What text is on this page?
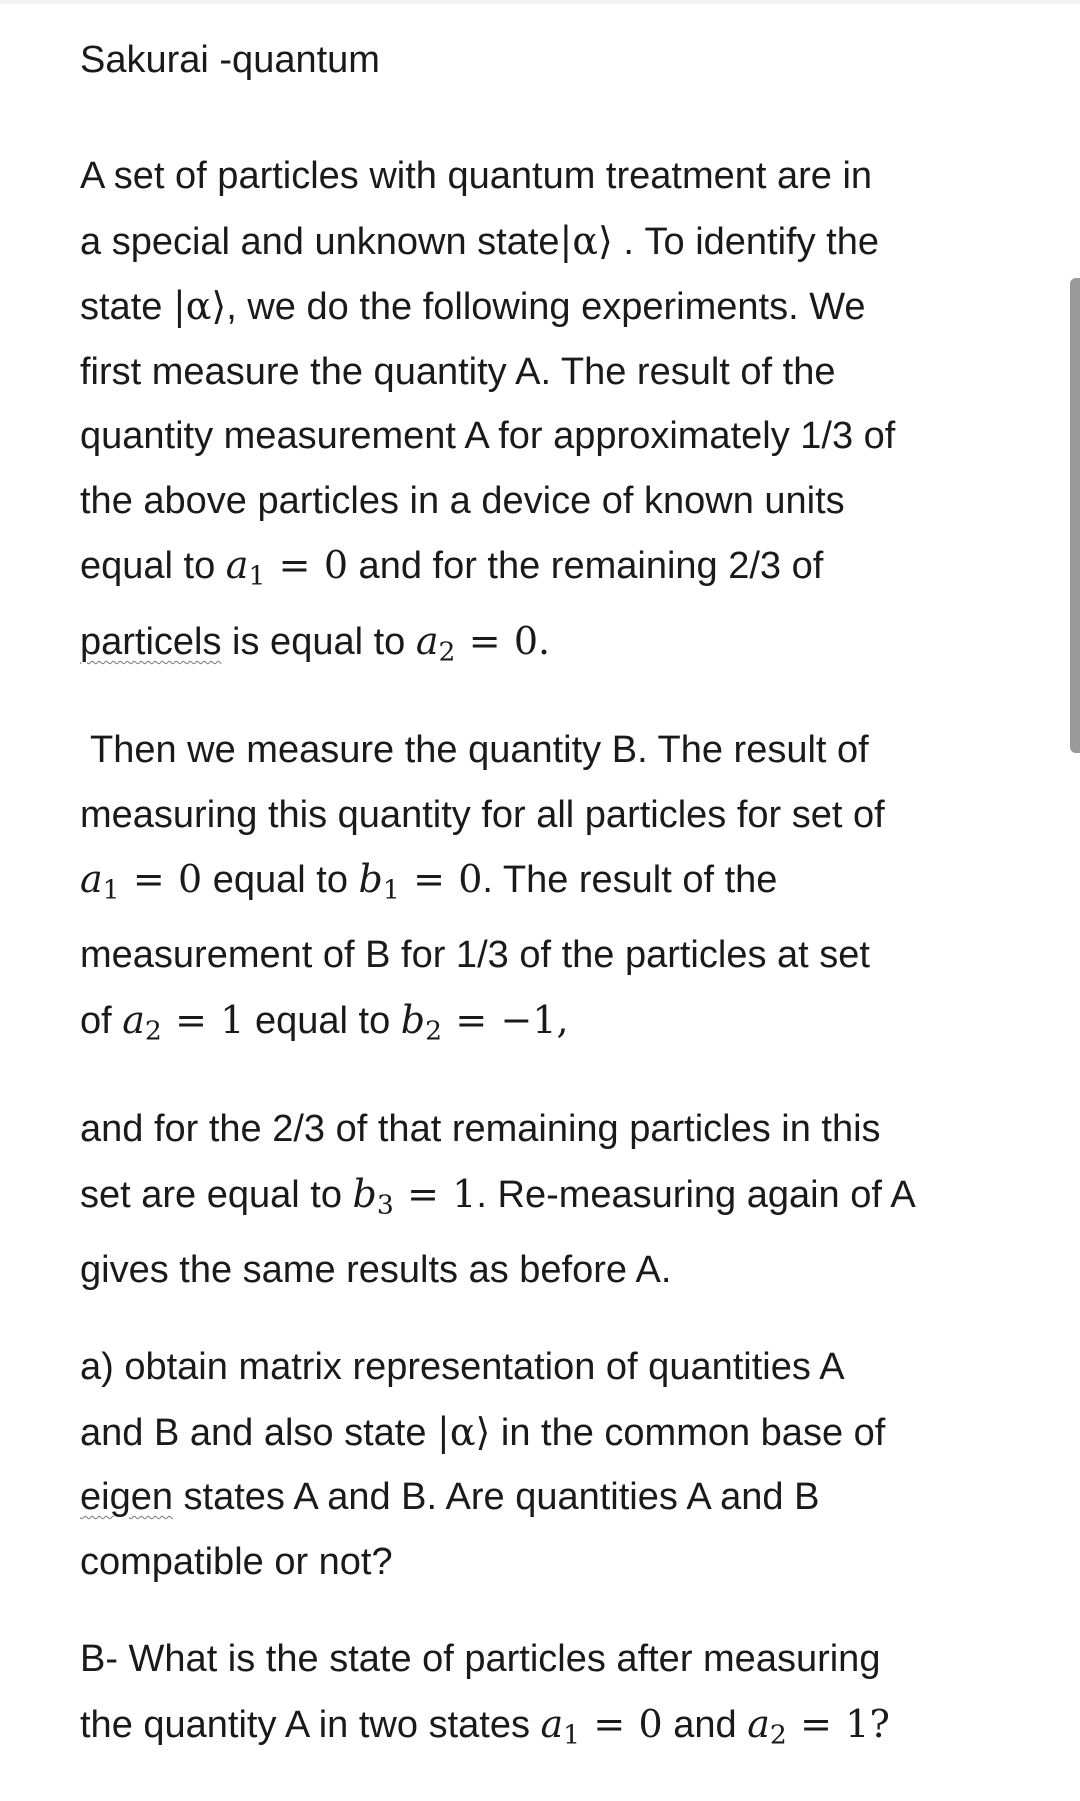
Sakurai -quantum
A set of particles with quantum treatment are in
a special and unknown state|α⟩ . To identify the
state |α⟩, we do the following experiments. We
first measure the quantity A. The result of the
quantity measurement A for approximately 1/3 of
the above particles in a device of known units
equal to $a_1 = 0$ and for the remaining 2/3 of
particels is equal to $a_2 = 0$.
Then we measure the quantity B. The result of
measuring this quantity for all particles for set of
$a_1 = 0$ equal to $b_1 = 0$. The result of the
measurement of B for 1/3 of the particles at set
of $a_2 = 1$ equal to $b_2 = -1$,
and for the 2/3 of that remaining particles in this
set are equal to $b_3 = 1$. Re-measuring again of A
gives the same results as before A.
a) obtain matrix representation of quantities A
and B and also state |α⟩ in the common base of
eigen states A and B. Are quantities A and B
compatible or not?
B- What is the state of particles after measuring
the quantity A in two states $a_1 = 0$ and $a_2 = 1$?
